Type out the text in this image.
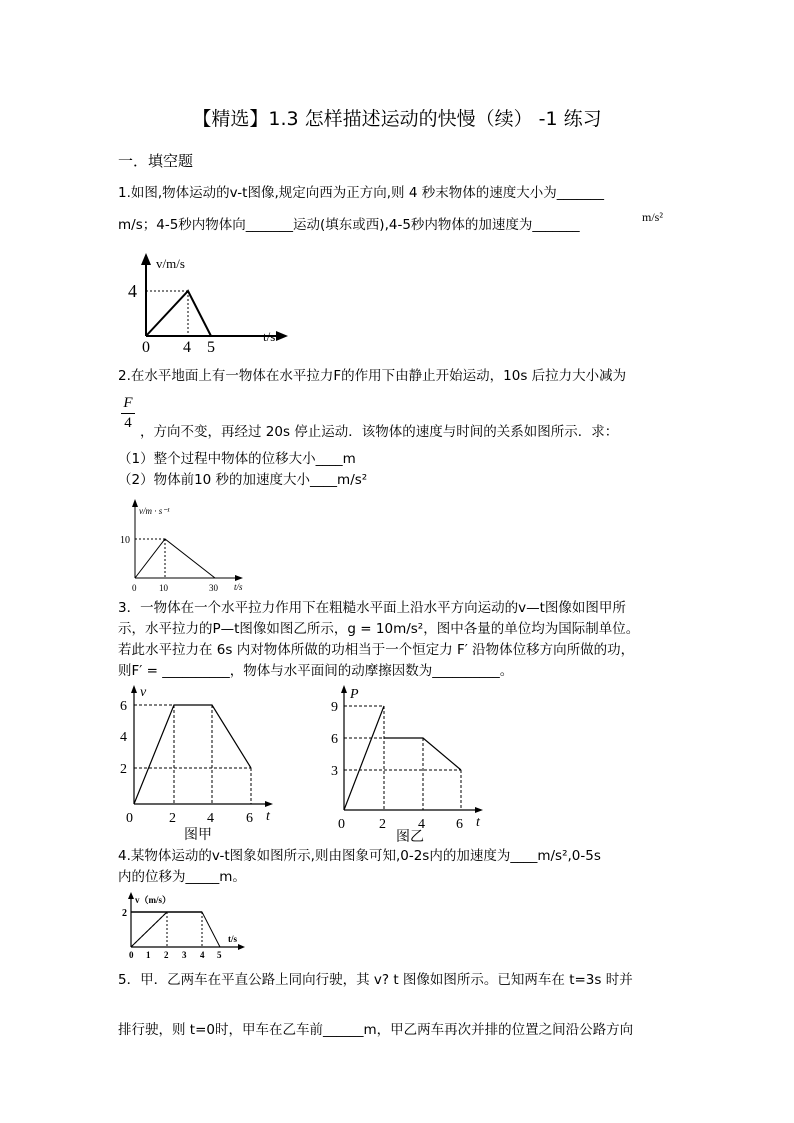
【精选】1.3 怎样描述运动的快慢（续） -1 练习
一．填空题
1.如图,物体运动的v-t图像,规定向西为正方向,则 4 秒末物体的速度大小为_______
m/s；4-5秒内物体向_______运动(填东或西),4-5秒内物体的加速度为_______	m/s²
v/m/s
4
0 4 5
t/s
2.在水平地面上有一物体在水平拉力F的作用下由静止开始运动，10s 后拉力大小减为
F
4
，方向不变，再经过 20s 停止运动．该物体的速度与时间的关系如图所示．求：
（1）整个过程中物体的位移大小____m
（2）物体前10 秒的加速度大小____m/s²
v/m · s⁻¹
10
0	10	30 t/s
3．一物体在一个水平拉力作用下在粗糙水平面上沿水平方向运动的v—t图像如图甲所
示，水平拉力的P—t图像如图乙所示，g = 10m/s²，图中各量的单位均为国际制单位。
若此水平拉力在 6s 内对物体所做的功相当于一个恒定力 F′ 沿物体位移方向所做的功，
则F′ = __________，物体与水平面间的动摩擦因数为__________。
v
6
4
2
0	2 4 6 t
图甲
P
9
6
3
0 2 4 6 t
图乙
4.某物体运动的v-t图象如图所示,则由图象可知,0-2s内的加速度为____m/s²,0-5s
内的位移为_____m。
v（m/s）
2
0 1 2 3 4 5
t/s
5．甲．乙两车在平直公路上同向行驶，其 v? t 图像如图所示。已知两车在 t=3s 时并
排行驶，则 t=0时，甲车在乙车前______m，甲乙两车再次并排的位置之间沿公路方向
